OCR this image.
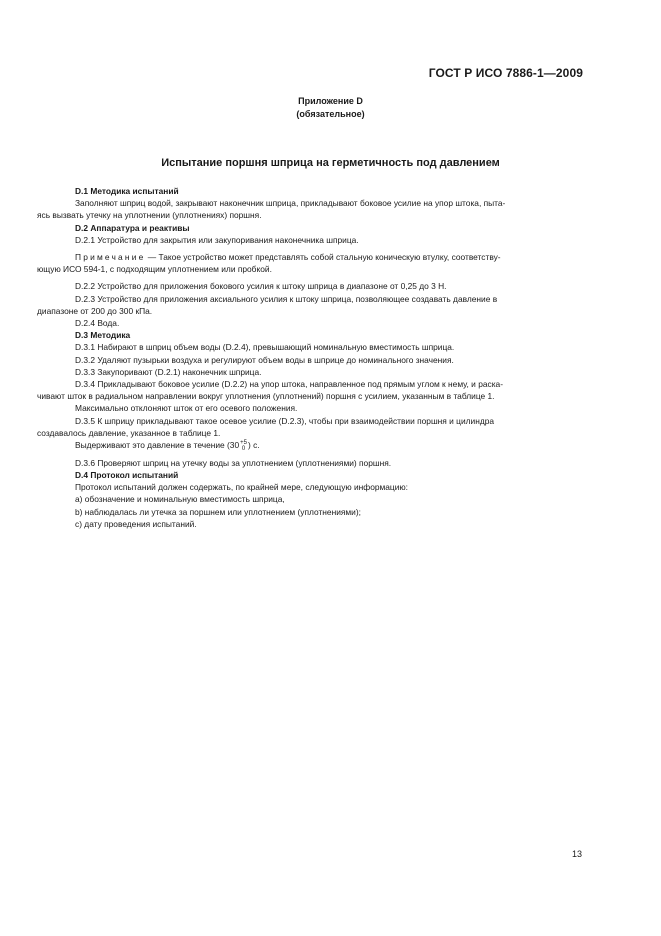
ГОСТ Р ИСО 7886-1—2009
Приложение D
(обязательное)
Испытание поршня шприца на герметичность под давлением

D.1 Методика испытаний

Заполняют шприц водой, закрывают наконечник шприца, прикладывают боковое усилие на упор штока, пыта-

ясь вызвать утечку на уплотнении (уплотнениях) поршня.

D.2 Аппаратура и реактивы

D.2.1 Устройство для закрытия или закупоривания наконечника шприца.

Примечание — Такое устройство может представлять собой стальную коническую втулку, соответству-

ющую ИСО 594-1, с подходящим уплотнением или пробкой.

D.2.2 Устройство для приложения бокового усилия к штоку шприца в диапазоне от 0,25 до 3 Н.

D.2.3 Устройство для приложения аксиального усилия к штоку шприца, позволяющее создавать давление в

диапазоне от 200 до 300 кПа.

D.2.4 Вода.

D.3 Методика

D.3.1 Набирают в шприц объем воды (D.2.4), превышающий номинальную вместимость шприца.

D.3.2 Удаляют пузырьки воздуха и регулируют объем воды в шприце до номинального значения.

D.3.3 Закупоривают (D.2.1) наконечник шприца.

D.3.4 Прикладывают боковое усилие (D.2.2) на упор штока, направленное под прямым углом к нему, и раска-

чивают шток в радиальном направлении вокруг уплотнения (уплотнений) поршня с усилием, указанным в таблице 1.

Максимально отклоняют шток от его осевого положения.

D.3.5 К шприцу прикладывают такое осевое усилие (D.2.3), чтобы при взаимодействии поршня и цилиндра

создавалось давление, указанное в таблице 1.

Выдерживают это давление в течение (30 +5
0 ) с.

D.3.6 Проверяют шприц на утечку воды за уплотнением (уплотнениями) поршня.

D.4 Протокол испытаний

Протокол испытаний должен содержать, по крайней мере, следующую информацию:

a) обозначение и номинальную вместимость шприца,

b) наблюдалась ли утечка за поршнем или уплотнением (уплотнениями);

c) дату проведения испытаний.

13
